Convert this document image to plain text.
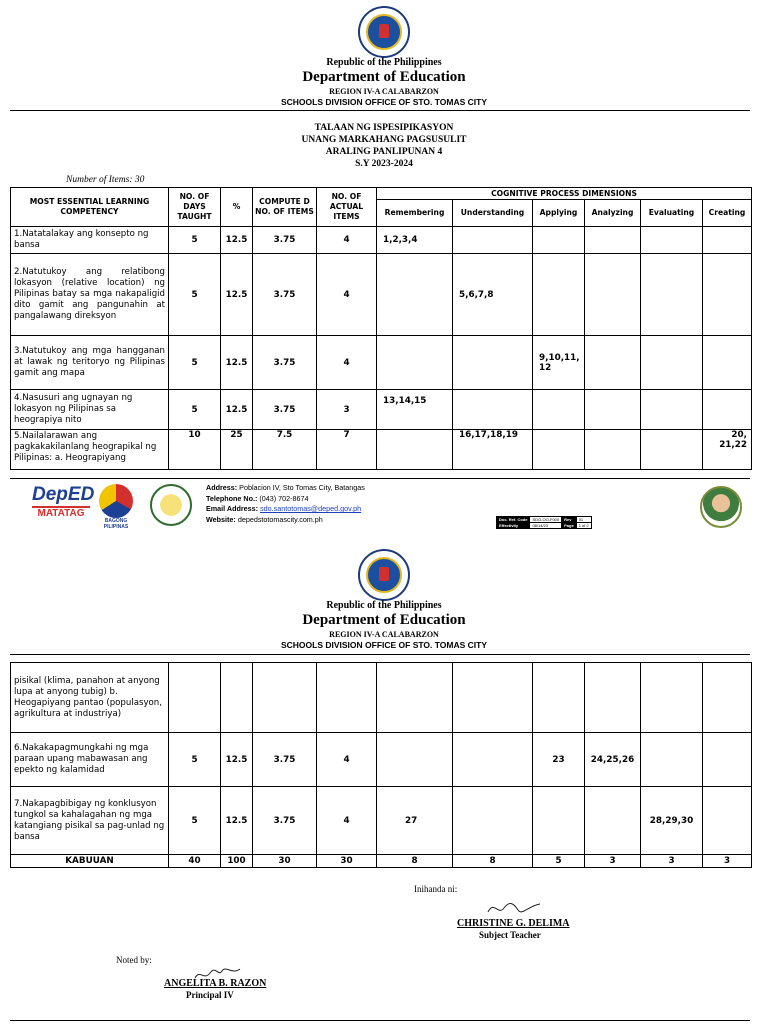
Republic of the Philippines
Department of Education
REGION IV-A CALABARZON
SCHOOLS DIVISION OFFICE OF STO. TOMAS CITY
TALAAN NG ISPESIPIKASYON
UNANG MARKAHANG PAGSUSULIT
ARALING PANLIPUNAN 4
S.Y 2023-2024
Number of Items: 30
MOST ESSENTIAL LEARNING COMPETENCY	NO. OF DAYS TAUGHT	%	COMPUTE D NO. OF ITEMS	NO. OF ACTUAL ITEMS	COGNITIVE PROCESS DIMENSIONS					
					Remembering	Understanding	Applying	Analyzing	Evaluating	Creating
1.Natatalakay ang konsepto ng bansa	5	12.5	3.75	4	1,2,3,4					
2.Natutukoy ang relatibong lokasyon (relative location) ng Pilipinas batay sa mga nakapaligid dito gamit ang pangunahin at pangalawang direksyon	5	12.5	3.75	4		5,6,7,8				
3.Natutukoy ang mga hangganan at lawak ng teritoryo ng Pilipinas gamit ang mapa	5	12.5	3.75	4			9,10,11, 12			
4.Nasusuri ang ugnayan ng lokasyon ng Pilipinas sa heograpiya nito	5	12.5	3.75	3	13,14,15					
5.Nailalarawan ang pagkakakilanlang heograpikal ng Pilipinas: a. Heograpiyang	10	25	7.5	7		16,17,18,19				20, 21,22
DepED
MATATAG
BAGONG PILIPINAS
Address: Poblacion IV, Sto Tomas City, Batangas
Telephone No.: (043) 702-8674
Email Address: sdo.santotomas@deped.gov.ph
Website: depedstotomascity.com.ph	Doc. Ref. Code	SDO-OO-F000	Rev	01
Effectivity	08/14/23	Page	1 of 2
Republic of the Philippines
Department of Education
REGION IV-A CALABARZON
SCHOOLS DIVISION OFFICE OF STO. TOMAS CITY
pisikal (klima, panahon at anyong lupa at anyong tubig) b. Heogapiyang pantao (populasyon, agrikultura at industriya)										
6.Nakakapagmungkahi ng mga paraan upang mabawasan ang epekto ng kalamidad	5	12.5	3.75	4			23	24,25,26		
7.Nakapagbibigay ng konklusyon tungkol sa kahalagahan ng mga katangiang pisikal sa pag-unlad ng bansa	5	12.5	3.75	4	27				28,29,30	
KABUUAN	40	100	30	30	8	8	5	3	3	3
Inihanda ni:
CHRISTINE G. DELIMA
Subject Teacher
Noted by:
ANGELITA B. RAZON
Principal IV
